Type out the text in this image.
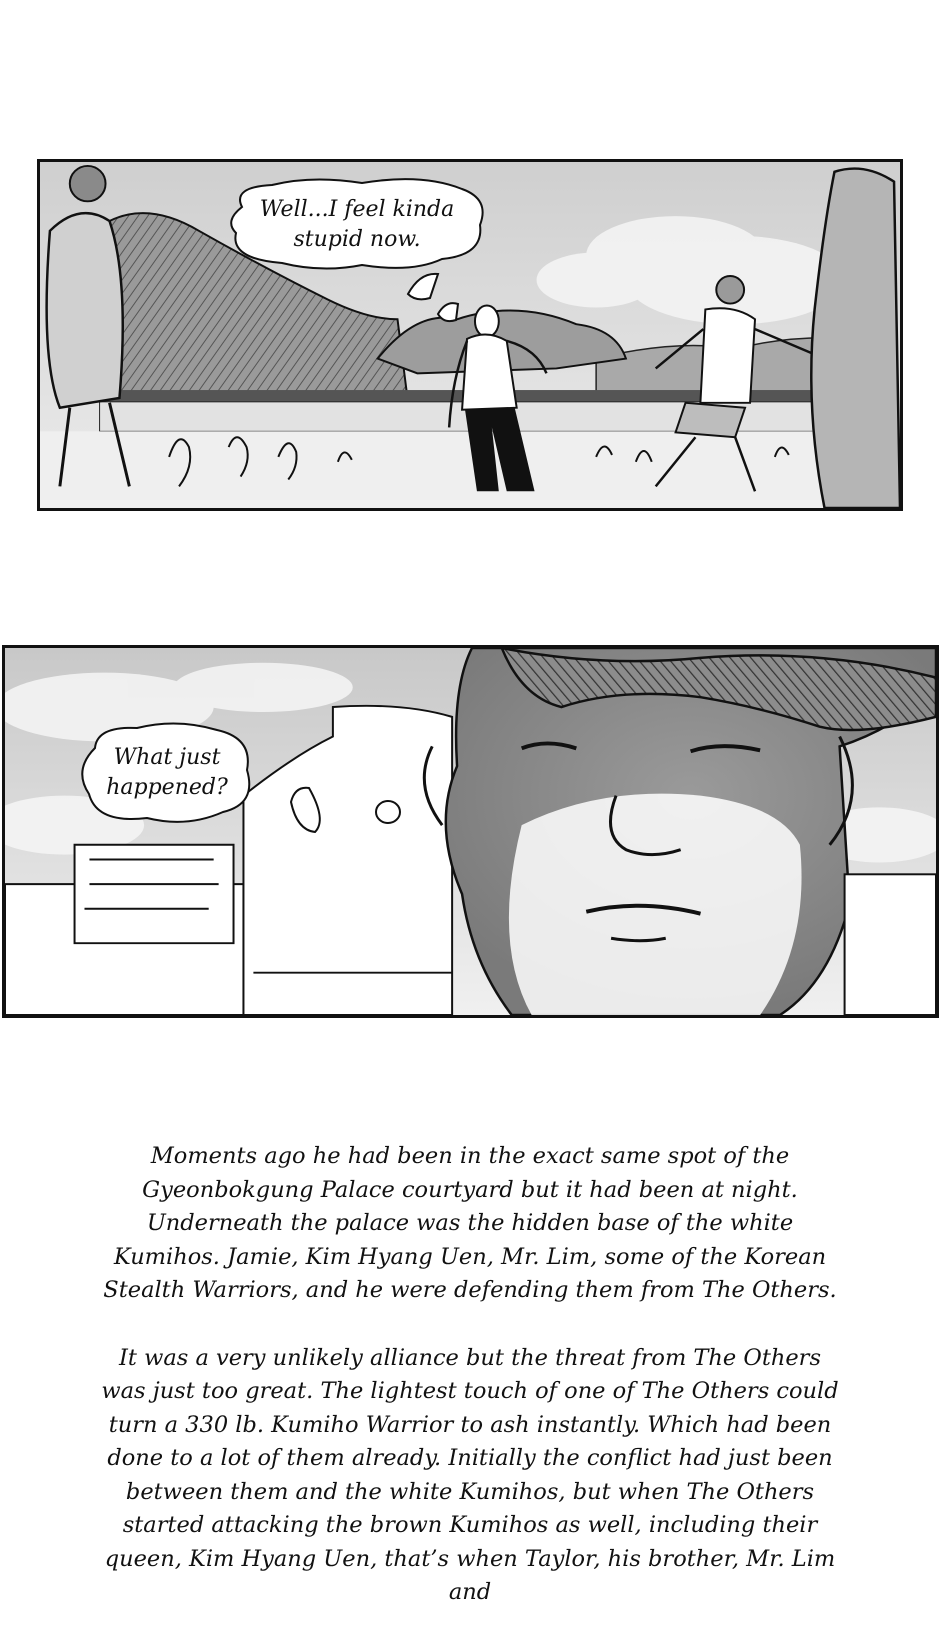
Well...I feel kinda stupid now.
What just happened?

Moments ago he had been in the exact same spot of the Gyeonbokgung Palace courtyard but it had been at night. Underneath the palace was the hidden base of the white Kumihos. Jamie, Kim Hyang Uen, Mr. Lim, some of the Korean Stealth Warriors, and he were defending them from The Others.

It was a very unlikely alliance but the threat from The Others was just too great. The lightest touch of one of The Others could turn a 330 lb. Kumiho Warrior to ash instantly. Which had been done to a lot of them already. Initially the conflict had just been between them and the white Kumihos, but when The Others started attacking the brown Kumihos as well, including their queen, Kim Hyang Uen, that’s when Taylor, his brother, Mr. Lim and
